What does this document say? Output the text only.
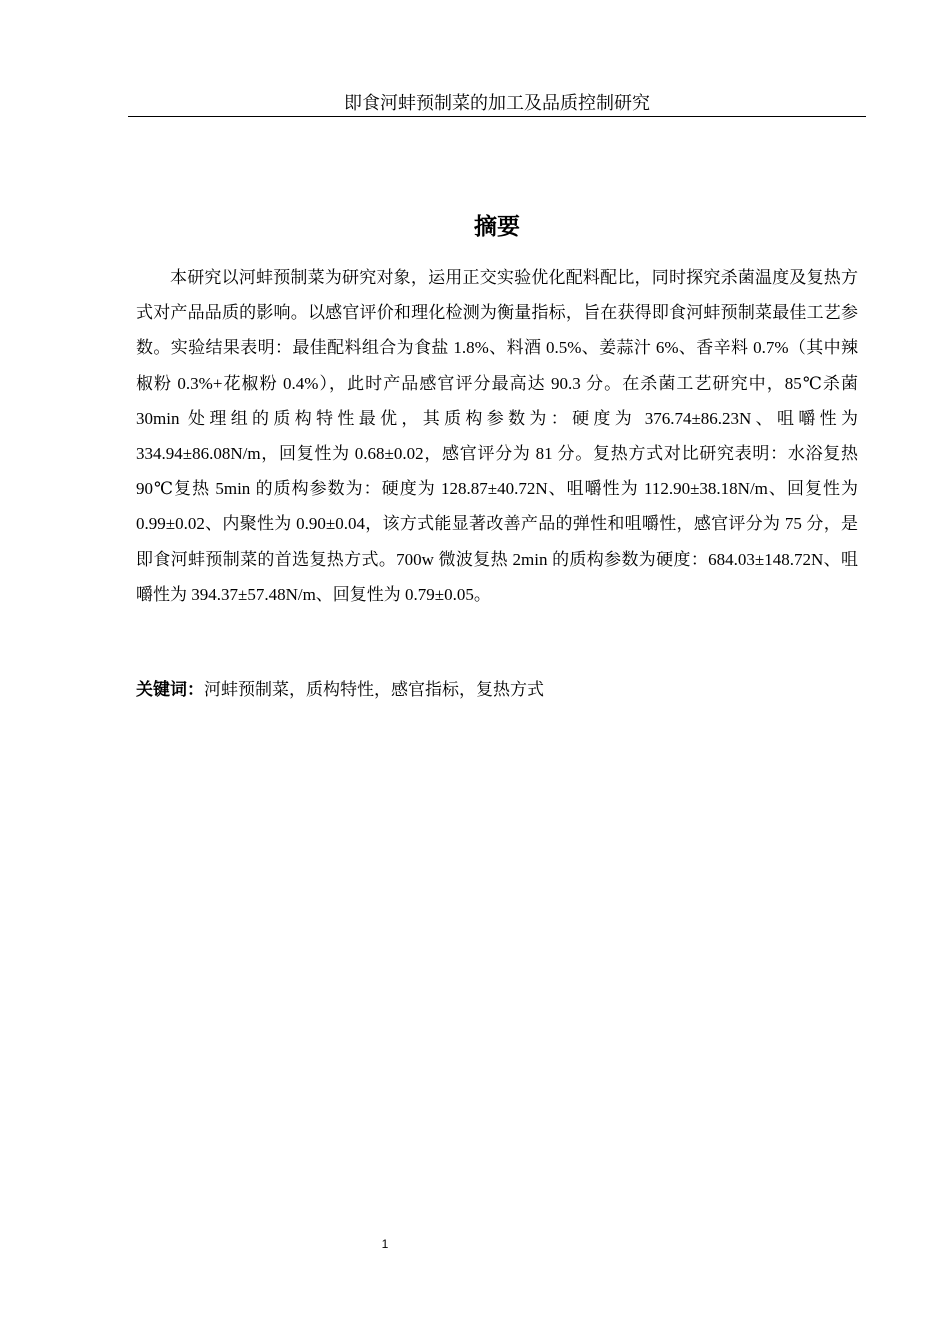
即食河蚌预制菜的加工及品质控制研究
摘要

本研究以河蚌预制菜为研究对象，运用正交实验优化配料配比，同时探究杀菌温度及复热方式对产品品质的影响。以感官评价和理化检测为衡量指标，旨在获得即食河蚌预制菜最佳工艺参数。实验结果表明：最佳配料组合为食盐 1.8%、料酒 0.5%、姜蒜汁 6%、香辛料 0.7%（其中辣椒粉 0.3%+花椒粉 0.4%），此时产品感官评分最高达 90.3 分。在杀菌工艺研究中，85℃杀菌 30min 处理组的质构特性最优，其质构参数为：硬度为 376.74±86.23N、咀嚼性为 334.94±86.08N/m，回复性为 0.68±0.02，感官评分为 81 分。复热方式对比研究表明：水浴复热 90℃复热 5min 的质构参数为：硬度为 128.87±40.72N、咀嚼性为 112.90±38.18N/m、回复性为 0.99±0.02、内聚性为 0.90±0.04，该方式能显著改善产品的弹性和咀嚼性，感官评分为 75 分，是即食河蚌预制菜的首选复热方式。700w 微波复热 2min 的质构参数为硬度：684.03±148.72N、咀嚼性为 394.37±57.48N/m、回复性为 0.79±0.05。

关键词：河蚌预制菜，质构特性，感官指标，复热方式
1
